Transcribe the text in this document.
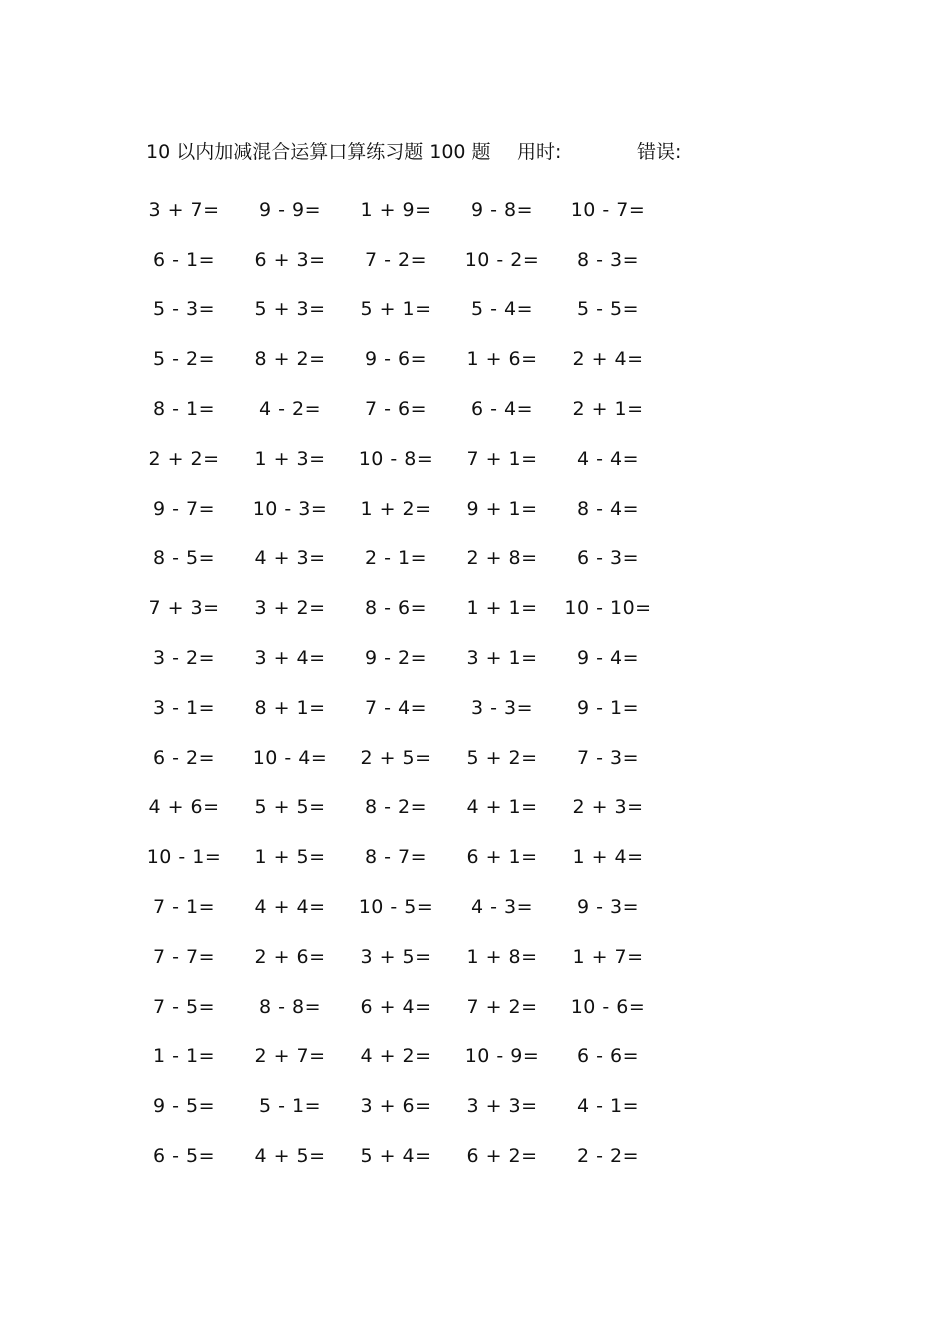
10 以内加减混合运算口算练习题 100 题 用时:	错误:
3 + 7=	9 - 9=	1 + 9=	9 - 8=	10 - 7=
6 - 1=	6 + 3=	7 - 2=	10 - 2=	8 - 3=
5 - 3=	5 + 3=	5 + 1=	5 - 4=	5 - 5=
5 - 2=	8 + 2=	9 - 6=	1 + 6=	2 + 4=
8 - 1=	4 - 2=	7 - 6=	6 - 4=	2 + 1=
2 + 2=	1 + 3=	10 - 8=	7 + 1=	4 - 4=
9 - 7=	10 - 3=	1 + 2=	9 + 1=	8 - 4=
8 - 5=	4 + 3=	2 - 1=	2 + 8=	6 - 3=
7 + 3=	3 + 2=	8 - 6=	1 + 1=	10 - 10=
3 - 2=	3 + 4=	9 - 2=	3 + 1=	9 - 4=
3 - 1=	8 + 1=	7 - 4=	3 - 3=	9 - 1=
6 - 2=	10 - 4=	2 + 5=	5 + 2=	7 - 3=
4 + 6=	5 + 5=	8 - 2=	4 + 1=	2 + 3=
10 - 1=	1 + 5=	8 - 7=	6 + 1=	1 + 4=
7 - 1=	4 + 4=	10 - 5=	4 - 3=	9 - 3=
7 - 7=	2 + 6=	3 + 5=	1 + 8=	1 + 7=
7 - 5=	8 - 8=	6 + 4=	7 + 2=	10 - 6=
1 - 1=	2 + 7=	4 + 2=	10 - 9=	6 - 6=
9 - 5=	5 - 1=	3 + 6=	3 + 3=	4 - 1=
6 - 5=	4 + 5=	5 + 4=	6 + 2=	2 - 2=
